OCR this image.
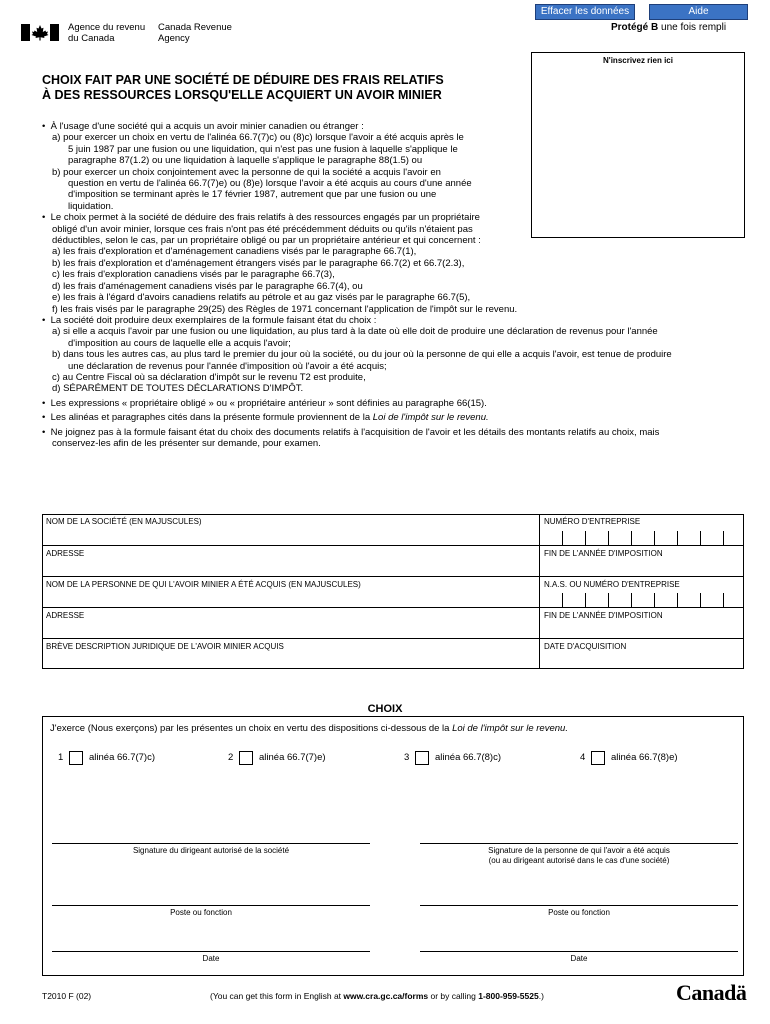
Agence du revenu
du Canada
Canada Revenue
Agency
Effacer les données	Aide
Protégé B une fois rempli
N'inscrivez rien ici
CHOIX FAIT PAR UNE SOCIÉTÉ DE DÉDUIRE DES FRAIS RELATIFS
À DES RESSOURCES LORSQU'ELLE ACQUIERT UN AVOIR MINIER
•  À l'usage d'une société qui a acquis un avoir minier canadien ou étranger :
a) pour exercer un choix en vertu de l'alinéa 66.7(7)c) ou (8)c) lorsque l'avoir a été acquis après le
5 juin 1987 par une fusion ou une liquidation, qui n'est pas une fusion à laquelle s'applique le
paragraphe 87(1.2) ou une liquidation à laquelle s'applique le paragraphe 88(1.5) ou
b) pour exercer un choix conjointement avec la personne de qui la société a acquis l'avoir en
question en vertu de l'alinéa 66.7(7)e) ou (8)e) lorsque l'avoir a été acquis au cours d'une année
d'imposition se terminant après le 17 février 1987, autrement que par une fusion ou une
liquidation.
•  Le choix permet à la société de déduire des frais relatifs à des ressources engagés par un propriétaire
obligé d'un avoir minier, lorsque ces frais n'ont pas été précédemment déduits ou qu'ils n'étaient pas
déductibles, selon le cas, par un propriétaire obligé ou par un propriétaire antérieur et qui concernent :
a) les frais d'exploration et d'aménagement canadiens visés par le paragraphe 66.7(1),
b) les frais d'exploration et d'aménagement étrangers visés par le paragraphe 66.7(2) et 66.7(2.3),
c) les frais d'exploration canadiens visés par le paragraphe 66.7(3),
d) les frais d'aménagement canadiens visés par le paragraphe 66.7(4), ou
e) les frais à l'égard d'avoirs canadiens relatifs au pétrole et au gaz visés par le paragraphe 66.7(5),
f) les frais visés par le paragraphe 29(25) des Règles de 1971 concernant l'application de l'impôt sur le revenu.
•  La société doit produire deux exemplaires de la formule faisant état du choix :
a) si elle a acquis l'avoir par une fusion ou une liquidation, au plus tard à la date où elle doit de produire une déclaration de revenus pour l'année
d'imposition au cours de laquelle elle a acquis l'avoir;
b) dans tous les autres cas, au plus tard le premier du jour où la société, ou du jour où la personne de qui elle a acquis l'avoir, est tenue de produire
une déclaration de revenus pour l'année d'imposition où l'avoir a été acquis;
c) au Centre Fiscal où sa déclaration d'impôt sur le revenu T2 est produite,
d) SÉPARÉMENT DE TOUTES DÉCLARATIONS D'IMPÔT.
•  Les expressions « propriétaire obligé » ou « propriétaire antérieur » sont définies au paragraphe 66(15).
•  Les alinéas et paragraphes cités dans la présente formule proviennent de la Loi de l'impôt sur le revenu.
•  Ne joignez pas à la formule faisant état du choix des documents relatifs à l'acquisition de l'avoir et les détails des montants relatifs au choix, mais
conservez-les afin de les présenter sur demande, pour examen.
NOM DE LA SOCIÉTÉ (EN MAJUSCULES)	NUMÉRO D'ENTREPRISE
ADRESSE	FIN DE L'ANNÉE D'IMPOSITION
NOM DE LA PERSONNE DE QUI L'AVOIR MINIER A ÉTÉ ACQUIS (EN MAJUSCULES)	N.A.S. OU NUMÉRO D'ENTREPRISE
ADRESSE	FIN DE L'ANNÉE D'IMPOSITION
BRÈVE DESCRIPTION JURIDIQUE DE L'AVOIR MINIER ACQUIS	DATE D'ACQUISITION
CHOIX
J'exerce (Nous exerçons) par les présentes un choix en vertu des dispositions ci-dessous de la Loi de l'impôt sur le revenu.
1	alinéa 66.7(7)c)	2	alinéa 66.7(7)e)	3	alinéa 66.7(8)c)	4	alinéa 66.7(8)e)
Signature du dirigeant autorisé de la société	Signature de la personne de qui l'avoir a été acquis
(ou au dirigeant autorisé dans le cas d'une société)
Poste ou fonction	Poste ou fonction
Date	Date
T2010 F (02)	(You can get this form in English at www.cra.gc.ca/forms or by calling 1-800-959-5525.)	Canadä
